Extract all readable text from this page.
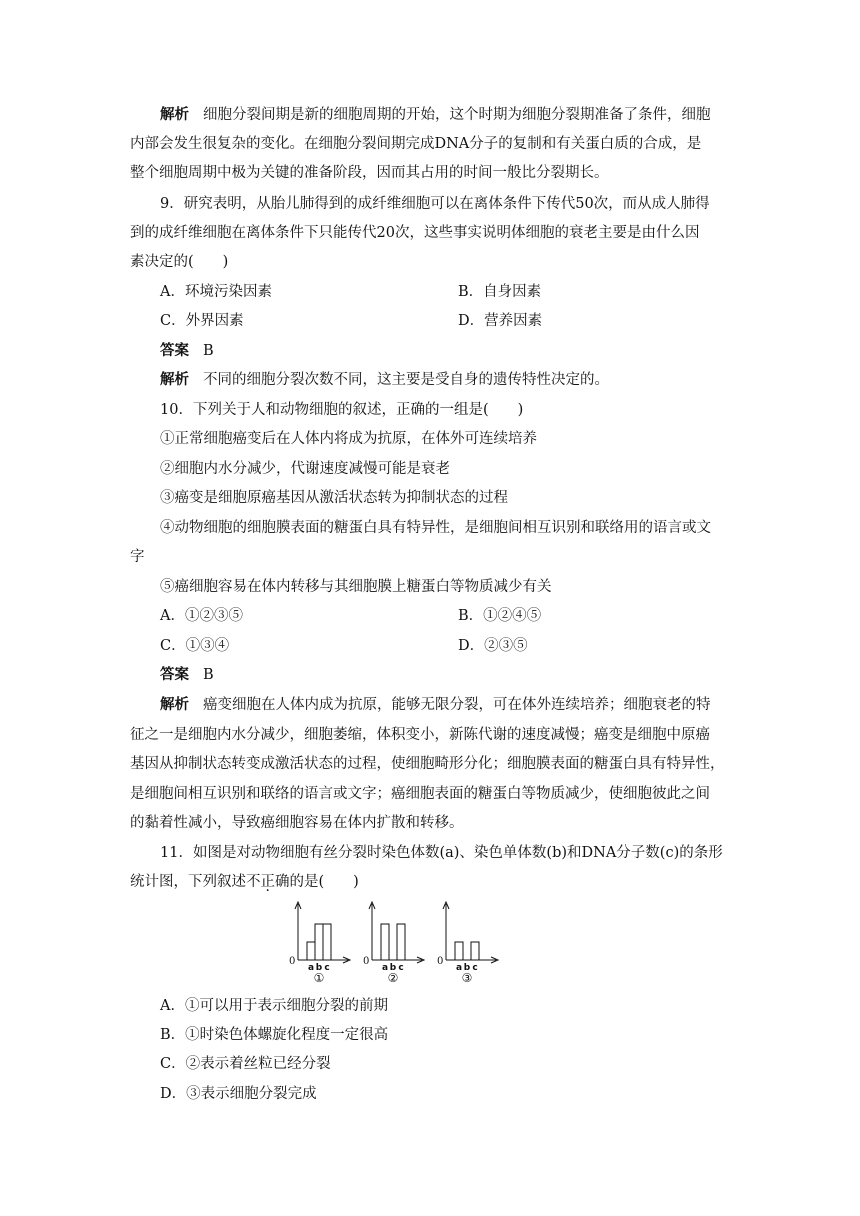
解析 细胞分裂间期是新的细胞周期的开始，这个时期为细胞分裂期准备了条件，细胞
内部会发生很复杂的变化。在细胞分裂间期完成DNA分子的复制和有关蛋白质的合成，是
整个细胞周期中极为关键的准备阶段，因而其占用的时间一般比分裂期长。
9．研究表明，从胎儿肺得到的成纤维细胞可以在离体条件下传代50次，而从成人肺得
到的成纤维细胞在离体条件下只能传代20次，这些事实说明体细胞的衰老主要是由什么因
素决定的(　　)
A．环境污染因素	B．自身因素
C．外界因素	D．营养因素
答案 B
解析 不同的细胞分裂次数不同，这主要是受自身的遗传特性决定的。
10．下列关于人和动物细胞的叙述，正确的一组是(　　)
①正常细胞癌变后在人体内将成为抗原，在体外可连续培养
②细胞内水分减少，代谢速度减慢可能是衰老
③癌变是细胞原癌基因从激活状态转为抑制状态的过程
④动物细胞的细胞膜表面的糖蛋白具有特异性，是细胞间相互识别和联络用的语言或文
字
⑤癌细胞容易在体内转移与其细胞膜上糖蛋白等物质减少有关
A．①②③⑤	B．①②④⑤
C．①③④	D．②③⑤
答案 B
解析 癌变细胞在人体内成为抗原，能够无限分裂，可在体外连续培养；细胞衰老的特
征之一是细胞内水分减少，细胞萎缩，体积变小，新陈代谢的速度减慢；癌变是细胞中原癌
基因从抑制状态转变成激活状态的过程，使细胞畸形分化；细胞膜表面的糖蛋白具有特异性，
是细胞间相互识别和联络的语言或文字；癌细胞表面的糖蛋白等物质减少，使细胞彼此之间
的黏着性减小，导致癌细胞容易在体内扩散和转移。
11．如图是对动物细胞有丝分裂时染色体数(a)、染色单体数(b)和DNA分子数(c)的条形
统计图，下列叙述不正确的是(　　)
0
a b c
①
0
a b c
②
0
a b c
③
A．①可以用于表示细胞分裂的前期
B．①时染色体螺旋化程度一定很高
C．②表示着丝粒已经分裂
D．③表示细胞分裂完成
